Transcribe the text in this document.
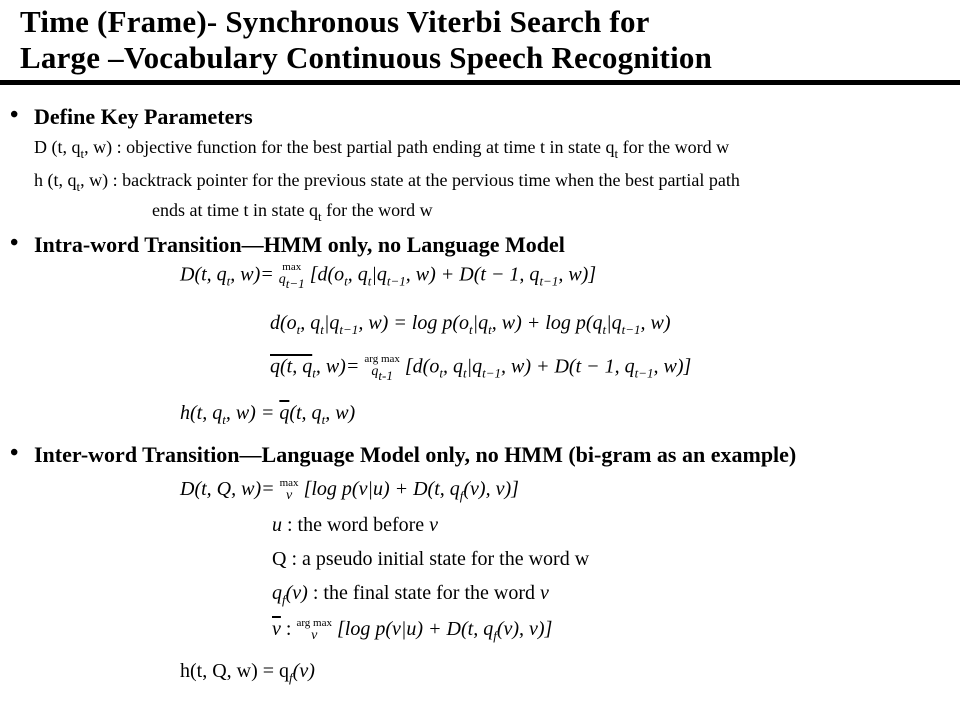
Time (Frame)- Synchronous Viterbi Search for
Large –Vocabulary Continuous Speech Recognition
• Define Key Parameters
D (t, $q_t$, w) : objective function for the best partial path ending at time t in state $q_t$ for the word w
h (t, $q_t$, w) : backtrack pointer for the previous state at the pervious time when the best partial path
ends at time t in state $q_t$ for the word w
• Intra-word Transition—HMM only, no Language Model
D(t, $q_t$, w)= max
qt−1 [$d(o_t$, $q_t|q_{t-1}$, w) + D(t − 1, $q_{t-1}$, w)]
$d(o_t$, $q_t|q_{t-1}$, $w) = \log p(o_t|q_t$, $w) + \log p(q_t|q_{t-1}$, w)
q(t, $q_t$, w)= arg max
qt-1 [$d(o_t$, $q_t|q_{t-1}$, w) + D(t − 1, $q_{t-1}$, w)]
h(t, $q_t$, $w) = \overline{q}(t$, $q_t$, w)
• Inter-word Transition—Language Model only, no HMM (bi-gram as an example)
D(t, Q, w)= max
v [log p(v|u) + D(t, $q_f(v)$, v)]
u : the word before v
Q : a pseudo initial state for the word w
$q_f(v)$ : the final state for the word v
$\overline{v}$ : arg max
v [log p(v|u) + D(t, $q_f(v)$, v)]
h(t, Q, $w) = q_f(v)$
